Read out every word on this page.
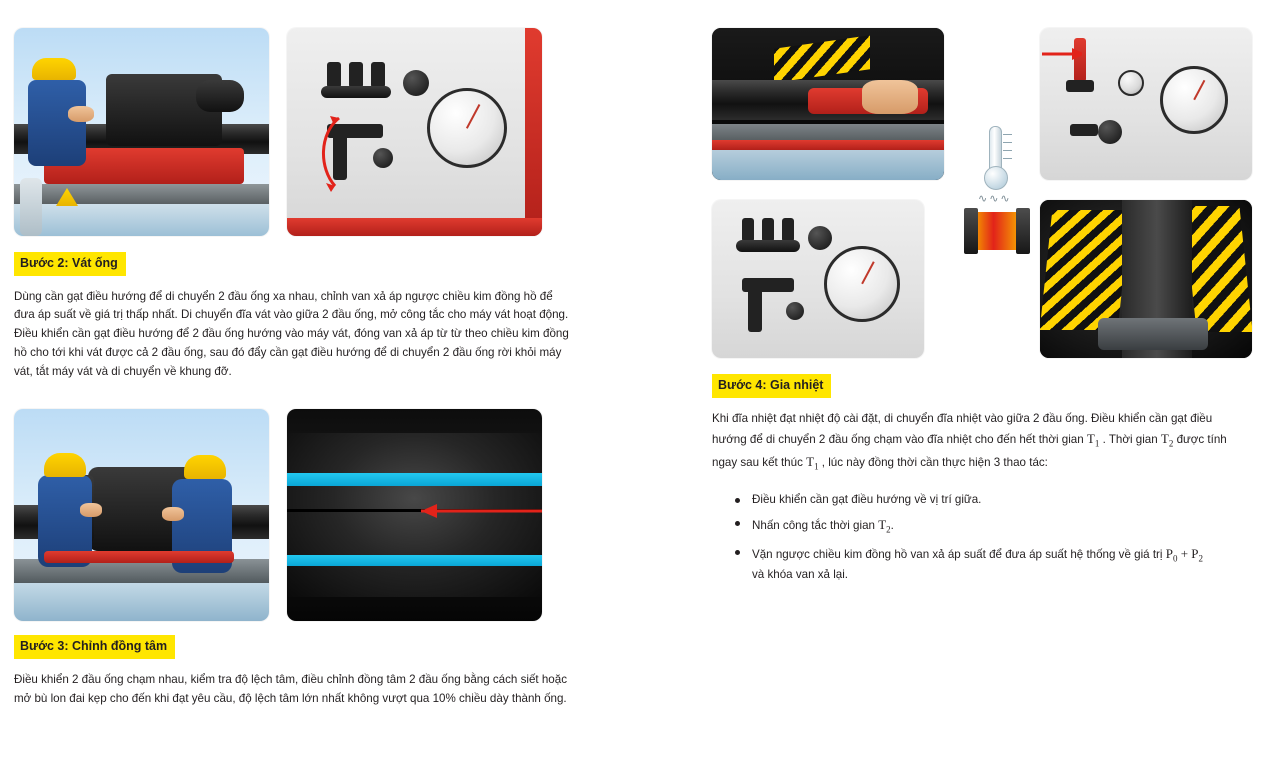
Bước 2: Vát ống
Dùng cần gạt điều hướng để di chuyển 2 đầu ống xa nhau, chỉnh van xả áp ngược chiều kim đồng hồ để đưa áp suất về giá trị thấp nhất. Di chuyển đĩa vát vào giữa 2 đầu ống, mở công tắc cho máy vát hoạt động. Điều khiển cần gạt điều hướng để 2 đầu ống hướng vào máy vát, đóng van xả áp từ từ theo chiều kim đồng hồ cho tới khi vát được cả 2 đầu ống, sau đó đẩy cần gạt điều hướng để di chuyển 2 đầu ống rời khỏi máy vát, tắt máy vát và di chuyển về khung đỡ.
Bước 3: Chỉnh đồng tâm
Điều khiển 2 đầu ống chạm nhau, kiểm tra độ lệch tâm, điều chỉnh đồng tâm 2 đầu ống bằng cách siết hoặc mở bù lon đai kẹp cho đến khi đạt yêu cầu, độ lệch tâm lớn nhất không vượt qua 10% chiều dày thành ống.
∿∿∿
Bước 4: Gia nhiệt
Khi đĩa nhiệt đạt nhiệt độ cài đặt, di chuyển đĩa nhiệt vào giữa 2 đầu ống. Điều khiển cần gạt điều hướng để di chuyển 2 đầu ống chạm vào đĩa nhiệt cho đến hết thời gian $T_1$ . Thời gian $T_2$ được tính ngay sau kết thúc $T_1$ , lúc này đồng thời cần thực hiện 3 thao tác:
Điều khiển cần gạt điều hướng về vị trí giữa.
Nhấn công tắc thời gian $T_2$.
Vặn ngược chiều kim đồng hồ van xả áp suất để đưa áp suất hệ thống về giá trị $P_0 + P_2$
và khóa van xả lại.
